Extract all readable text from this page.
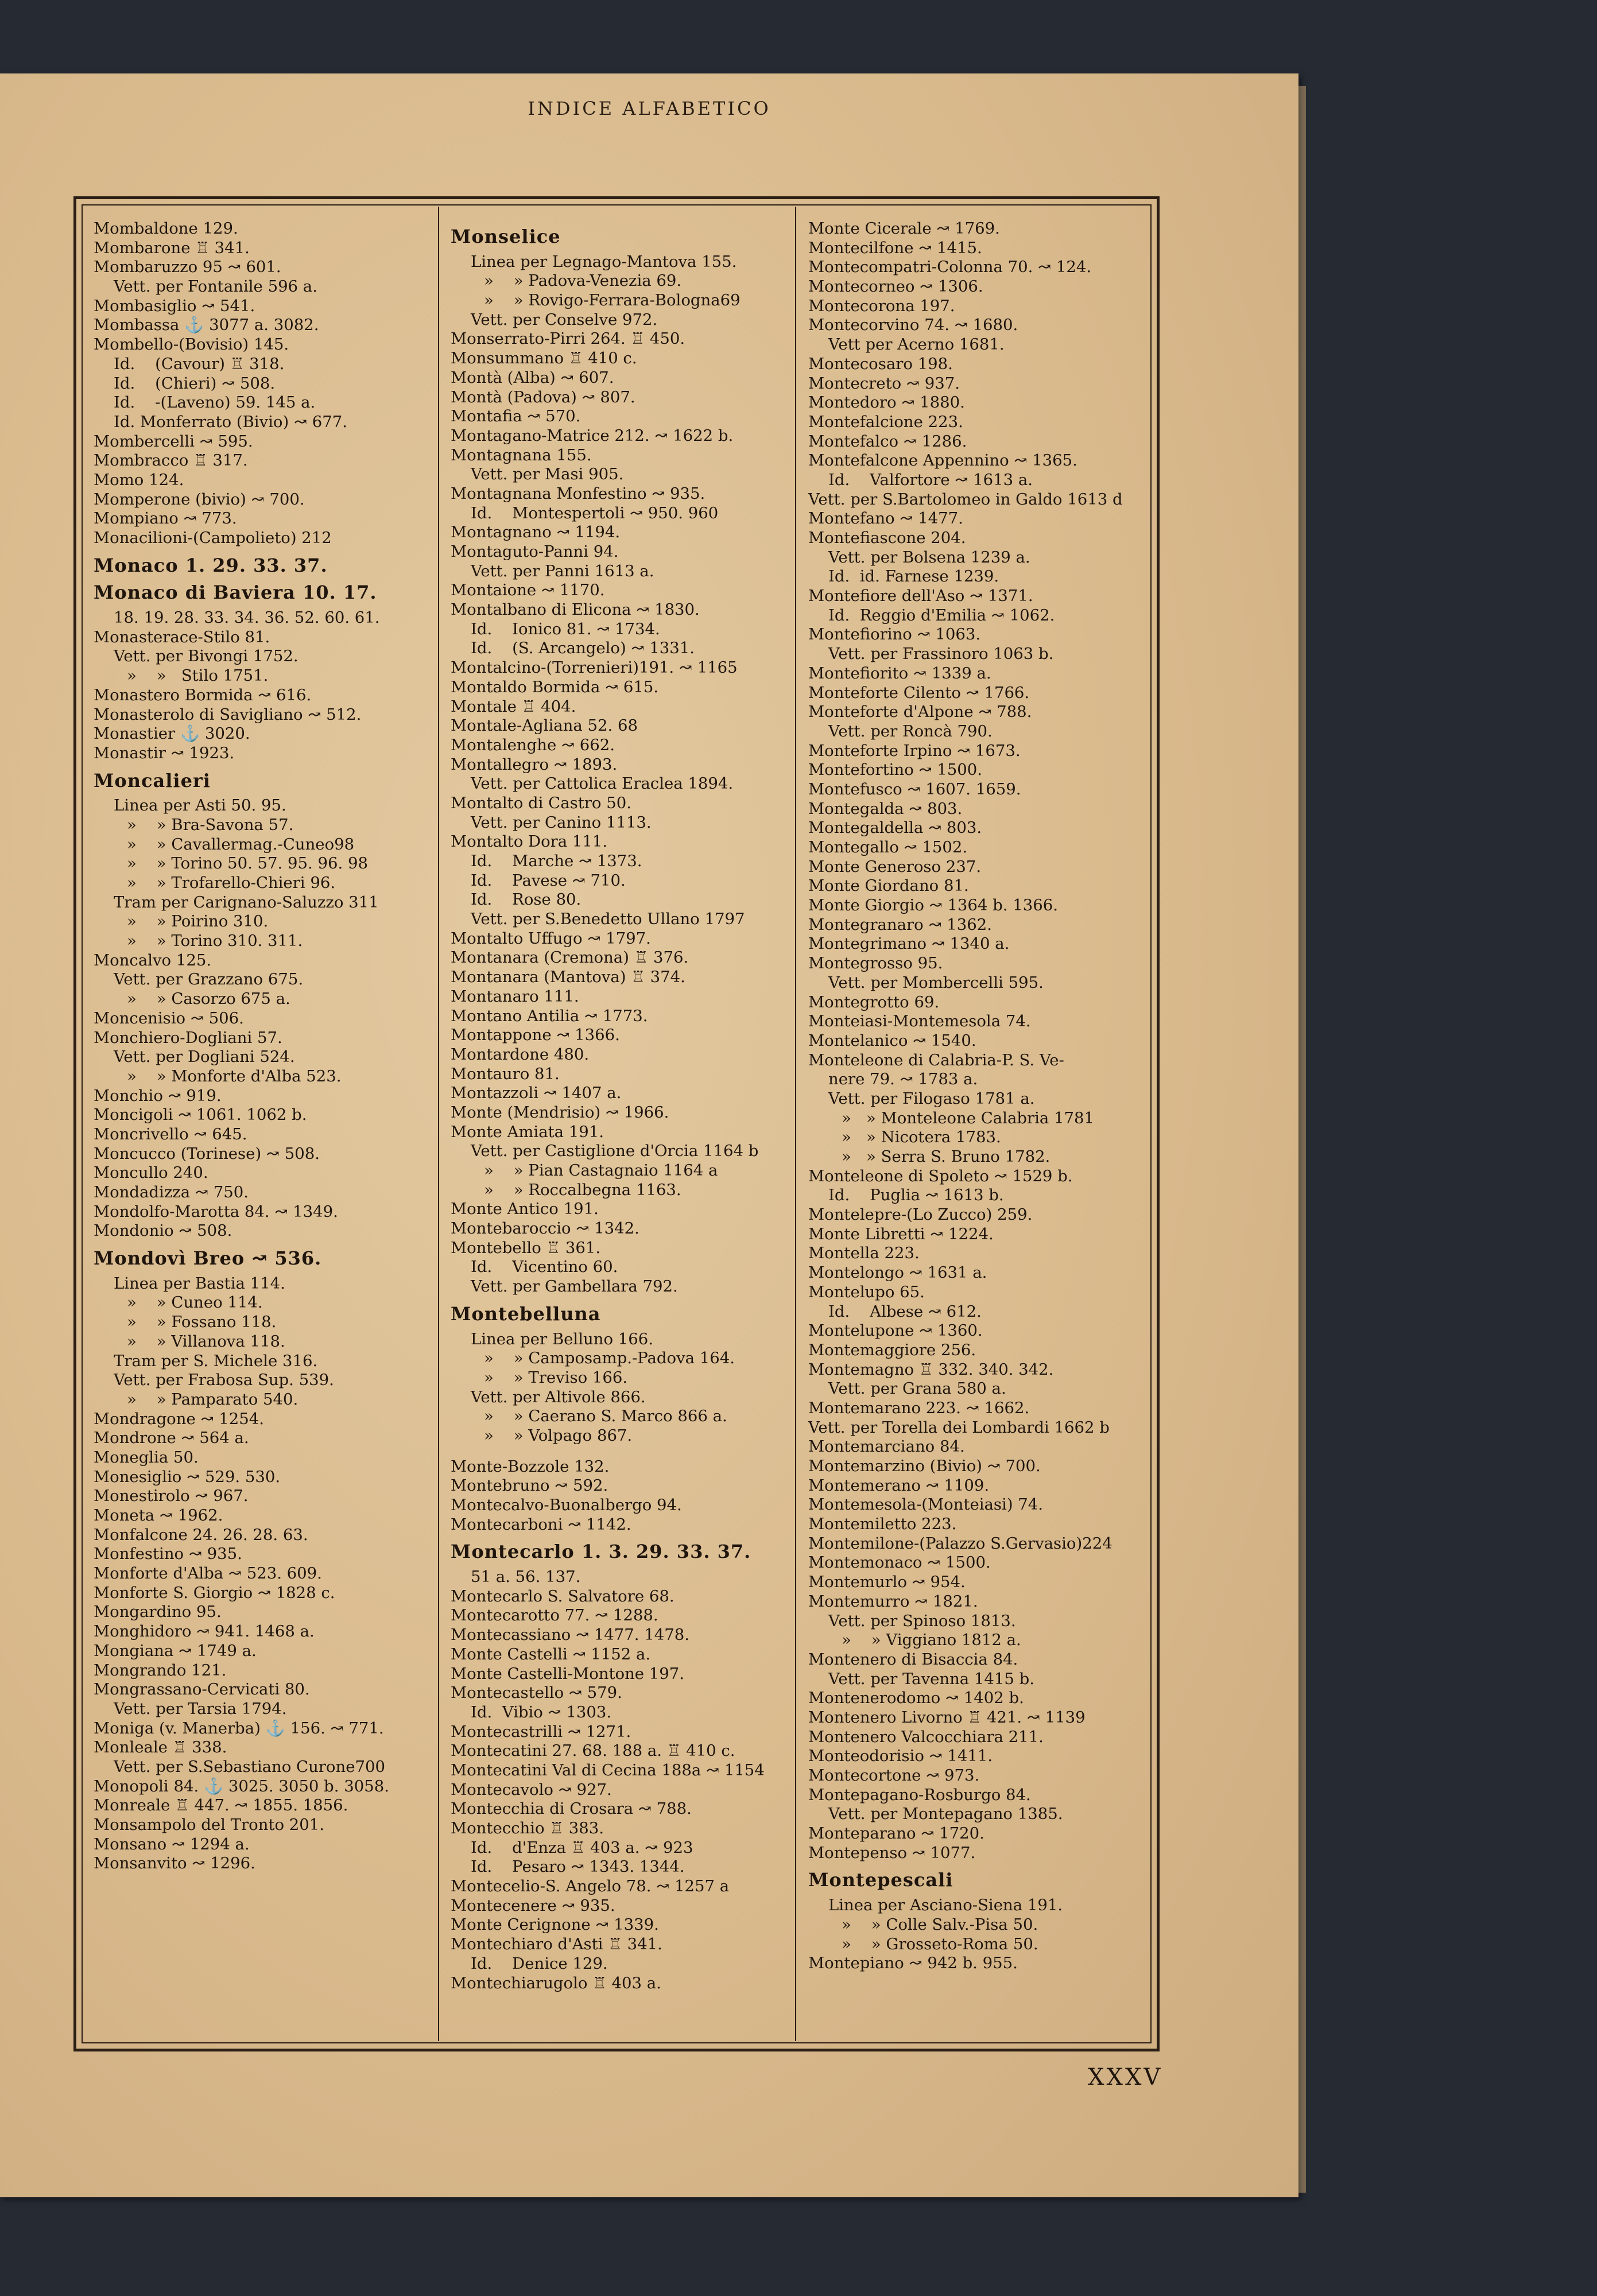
INDICE ALFABETICO
Mombaldone 129.
Mombarone ♖ 341.
Mombaruzzo 95 ↝ 601.
Vett. per Fontanile 596 a.
Mombasiglio ↝ 541.
Mombassa ⚓ 3077 a. 3082.
Mombello-(Bovisio) 145.
Id.    (Cavour) ♖ 318.
Id.    (Chieri) ↝ 508.
Id.    -(Laveno) 59. 145 a.
Id. Monferrato (Bivio) ↝ 677.
Mombercelli ↝ 595.
Mombracco ♖ 317.
Momo 124.
Momperone (bivio) ↝ 700.
Mompiano ↝ 773.
Monacilioni-(Campolieto) 212
Monaco 1. 29. 33. 37.
Monaco di Baviera 10. 17.
18. 19. 28. 33. 34. 36. 52. 60. 61.
Monasterace-Stilo 81.
Vett. per Bivongi 1752.
»    »   Stilo 1751.
Monastero Bormida ↝ 616.
Monasterolo di Savigliano ↝ 512.
Monastier ⚓ 3020.
Monastir ↝ 1923.
Moncalieri
Linea per Asti 50. 95.
»    » Bra-Savona 57.
»    » Cavallermag.-Cuneo98
»    » Torino 50. 57. 95. 96. 98
»    » Trofarello-Chieri 96.
Tram per Carignano-Saluzzo 311
»    » Poirino 310.
»    » Torino 310. 311.
Moncalvo 125.
Vett. per Grazzano 675.
»    » Casorzo 675 a.
Moncenisio ↝ 506.
Monchiero-Dogliani 57.
Vett. per Dogliani 524.
»    » Monforte d'Alba 523.
Monchio ↝ 919.
Moncigoli ↝ 1061. 1062 b.
Moncrivello ↝ 645.
Moncucco (Torinese) ↝ 508.
Moncullo 240.
Mondadizza ↝ 750.
Mondolfo-Marotta 84. ↝ 1349.
Mondonio ↝ 508.
Mondovì Breo ↝ 536.
Linea per Bastia 114.
»    » Cuneo 114.
»    » Fossano 118.
»    » Villanova 118.
Tram per S. Michele 316.
Vett. per Frabosa Sup. 539.
»    » Pamparato 540.
Mondragone ↝ 1254.
Mondrone ↝ 564 a.
Moneglia 50.
Monesiglio ↝ 529. 530.
Monestirolo ↝ 967.
Moneta ↝ 1962.
Monfalcone 24. 26. 28. 63.
Monfestino ↝ 935.
Monforte d'Alba ↝ 523. 609.
Monforte S. Giorgio ↝ 1828 c.
Mongardino 95.
Monghidoro ↝ 941. 1468 a.
Mongiana ↝ 1749 a.
Mongrando 121.
Mongrassano-Cervicati 80.
Vett. per Tarsia 1794.
Moniga (v. Manerba) ⚓ 156. ↝ 771.
Monleale ♖ 338.
Vett. per S.Sebastiano Curone700
Monopoli 84. ⚓ 3025. 3050 b. 3058.
Monreale ♖ 447. ↝ 1855. 1856.
Monsampolo del Tronto 201.
Monsano ↝ 1294 a.
Monsanvito ↝ 1296.
Monselice
Linea per Legnago-Mantova 155.
»    » Padova-Venezia 69.
»    » Rovigo-Ferrara-Bologna69
Vett. per Conselve 972.
Monserrato-Pirri 264. ♖ 450.
Monsummano ♖ 410 c.
Montà (Alba) ↝ 607.
Montà (Padova) ↝ 807.
Montafia ↝ 570.
Montagano-Matrice 212. ↝ 1622 b.
Montagnana 155.
Vett. per Masi 905.
Montagnana Monfestino ↝ 935.
Id.    Montespertoli ↝ 950. 960
Montagnano ↝ 1194.
Montaguto-Panni 94.
Vett. per Panni 1613 a.
Montaione ↝ 1170.
Montalbano di Elicona ↝ 1830.
Id.    Ionico 81. ↝ 1734.
Id.    (S. Arcangelo) ↝ 1331.
Montalcino-(Torrenieri)191. ↝ 1165
Montaldo Bormida ↝ 615.
Montale ♖ 404.
Montale-Agliana 52. 68
Montalenghe ↝ 662.
Montallegro ↝ 1893.
Vett. per Cattolica Eraclea 1894.
Montalto di Castro 50.
Vett. per Canino 1113.
Montalto Dora 111.
Id.    Marche ↝ 1373.
Id.    Pavese ↝ 710.
Id.    Rose 80.
Vett. per S.Benedetto Ullano 1797
Montalto Uffugo ↝ 1797.
Montanara (Cremona) ♖ 376.
Montanara (Mantova) ♖ 374.
Montanaro 111.
Montano Antilia ↝ 1773.
Montappone ↝ 1366.
Montardone 480.
Montauro 81.
Montazzoli ↝ 1407 a.
Monte (Mendrisio) ↝ 1966.
Monte Amiata 191.
Vett. per Castiglione d'Orcia 1164 b
»    » Pian Castagnaio 1164 a
»    » Roccalbegna 1163.
Monte Antico 191.
Montebaroccio ↝ 1342.
Montebello ♖ 361.
Id.    Vicentino 60.
Vett. per Gambellara 792.
Montebelluna
Linea per Belluno 166.
»    » Camposamp.-Padova 164.
»    » Treviso 166.
Vett. per Altivole 866.
»    » Caerano S. Marco 866 a.
»    » Volpago 867.
Monte-Bozzole 132.
Montebruno ↝ 592.
Montecalvo-Buonalbergo 94.
Montecarboni ↝ 1142.
Montecarlo 1. 3. 29. 33. 37.
51 a. 56. 137.
Montecarlo S. Salvatore 68.
Montecarotto 77. ↝ 1288.
Montecassiano ↝ 1477. 1478.
Monte Castelli ↝ 1152 a.
Monte Castelli-Montone 197.
Montecastello ↝ 579.
Id.  Vibio ↝ 1303.
Montecastrilli ↝ 1271.
Montecatini 27. 68. 188 a. ♖ 410 c.
Montecatini Val di Cecina 188a ↝ 1154
Montecavolo ↝ 927.
Montecchia di Crosara ↝ 788.
Montecchio ♖ 383.
Id.    d'Enza ♖ 403 a. ↝ 923
Id.    Pesaro ↝ 1343. 1344.
Montecelio-S. Angelo 78. ↝ 1257 a
Montecenere ↝ 935.
Monte Cerignone ↝ 1339.
Montechiaro d'Asti ♖ 341.
Id.    Denice 129.
Montechiarugolo ♖ 403 a.
Monte Cicerale ↝ 1769.
Montecilfone ↝ 1415.
Montecompatri-Colonna 70. ↝ 124.
Montecorneo ↝ 1306.
Montecorona 197.
Montecorvino 74. ↝ 1680.
Vett per Acerno 1681.
Montecosaro 198.
Montecreto ↝ 937.
Montedoro ↝ 1880.
Montefalcione 223.
Montefalco ↝ 1286.
Montefalcone Appennino ↝ 1365.
Id.    Valfortore ↝ 1613 a.
Vett. per S.Bartolomeo in Galdo 1613 d
Montefano ↝ 1477.
Montefiascone 204.
Vett. per Bolsena 1239 a.
Id.  id. Farnese 1239.
Montefiore dell'Aso ↝ 1371.
Id.  Reggio d'Emilia ↝ 1062.
Montefiorino ↝ 1063.
Vett. per Frassinoro 1063 b.
Montefiorito ↝ 1339 a.
Monteforte Cilento ↝ 1766.
Monteforte d'Alpone ↝ 788.
Vett. per Roncà 790.
Monteforte Irpino ↝ 1673.
Montefortino ↝ 1500.
Montefusco ↝ 1607. 1659.
Montegalda ↝ 803.
Montegaldella ↝ 803.
Montegallo ↝ 1502.
Monte Generoso 237.
Monte Giordano 81.
Monte Giorgio ↝ 1364 b. 1366.
Montegranaro ↝ 1362.
Montegrimano ↝ 1340 a.
Montegrosso 95.
Vett. per Mombercelli 595.
Montegrotto 69.
Monteiasi-Montemesola 74.
Montelanico ↝ 1540.
Monteleone di Calabria-P. S. Ve-
nere 79. ↝ 1783 a.
Vett. per Filogaso 1781 a.
»   » Monteleone Calabria 1781
»   » Nicotera 1783.
»   » Serra S. Bruno 1782.
Monteleone di Spoleto ↝ 1529 b.
Id.    Puglia ↝ 1613 b.
Montelepre-(Lo Zucco) 259.
Monte Libretti ↝ 1224.
Montella 223.
Montelongo ↝ 1631 a.
Montelupo 65.
Id.    Albese ↝ 612.
Montelupone ↝ 1360.
Montemaggiore 256.
Montemagno ♖ 332. 340. 342.
Vett. per Grana 580 a.
Montemarano 223. ↝ 1662.
Vett. per Torella dei Lombardi 1662 b
Montemarciano 84.
Montemarzino (Bivio) ↝ 700.
Montemerano ↝ 1109.
Montemesola-(Monteiasi) 74.
Montemiletto 223.
Montemilone-(Palazzo S.Gervasio)224
Montemonaco ↝ 1500.
Montemurlo ↝ 954.
Montemurro ↝ 1821.
Vett. per Spinoso 1813.
»    » Viggiano 1812 a.
Montenero di Bisaccia 84.
Vett. per Tavenna 1415 b.
Montenerodomo ↝ 1402 b.
Montenero Livorno ♖ 421. ↝ 1139
Montenero Valcocchiara 211.
Monteodorisio ↝ 1411.
Montecortone ↝ 973.
Montepagano-Rosburgo 84.
Vett. per Montepagano 1385.
Monteparano ↝ 1720.
Montepenso ↝ 1077.
Montepescali
Linea per Asciano-Siena 191.
»    » Colle Salv.-Pisa 50.
»    » Grosseto-Roma 50.
Montepiano ↝ 942 b. 955.
XXXV
